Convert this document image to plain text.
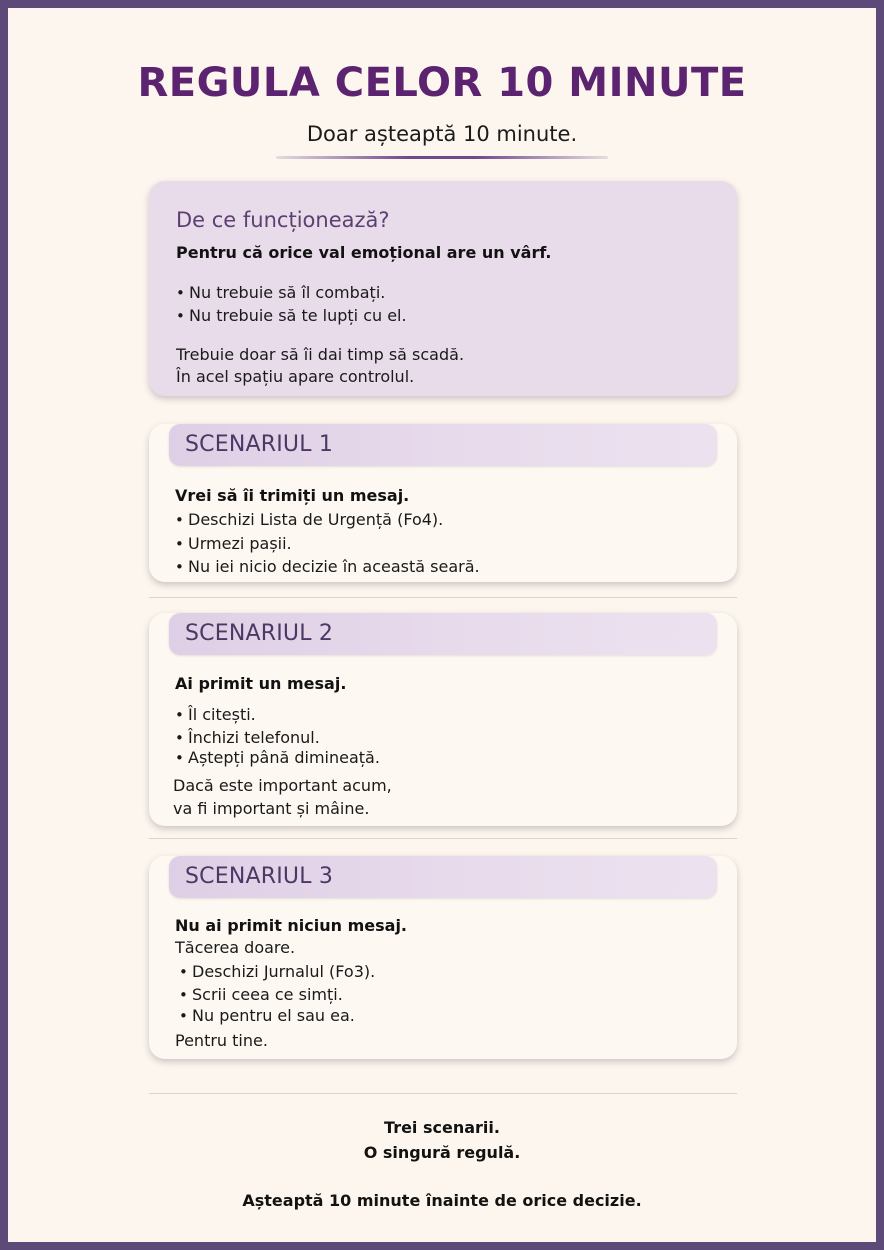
REGULA CELOR 10 MINUTE
Doar așteaptă 10 minute.
De ce funcționează?
Pentru că orice val emoțional are un vârf.
• Nu trebuie să îl combați.
• Nu trebuie să te lupți cu el.
Trebuie doar să îi dai timp să scadă.
În acel spațiu apare controlul.
SCENARIUL 1
Vrei să îi trimiți un mesaj.
• Deschizi Lista de Urgență (Fo4).
• Urmezi pașii.
• Nu iei nicio decizie în această seară.
SCENARIUL 2
Ai primit un mesaj.
• Îl citești.
• Închizi telefonul.
• Aștepți până dimineață.
Dacă este important acum,
va fi important și mâine.
SCENARIUL 3
Nu ai primit niciun mesaj.
Tăcerea doare.
• Deschizi Jurnalul (Fo3).
• Scrii ceea ce simți.
• Nu pentru el sau ea.
Pentru tine.
Trei scenarii.
O singură regulă.
Așteaptă 10 minute înainte de orice decizie.
